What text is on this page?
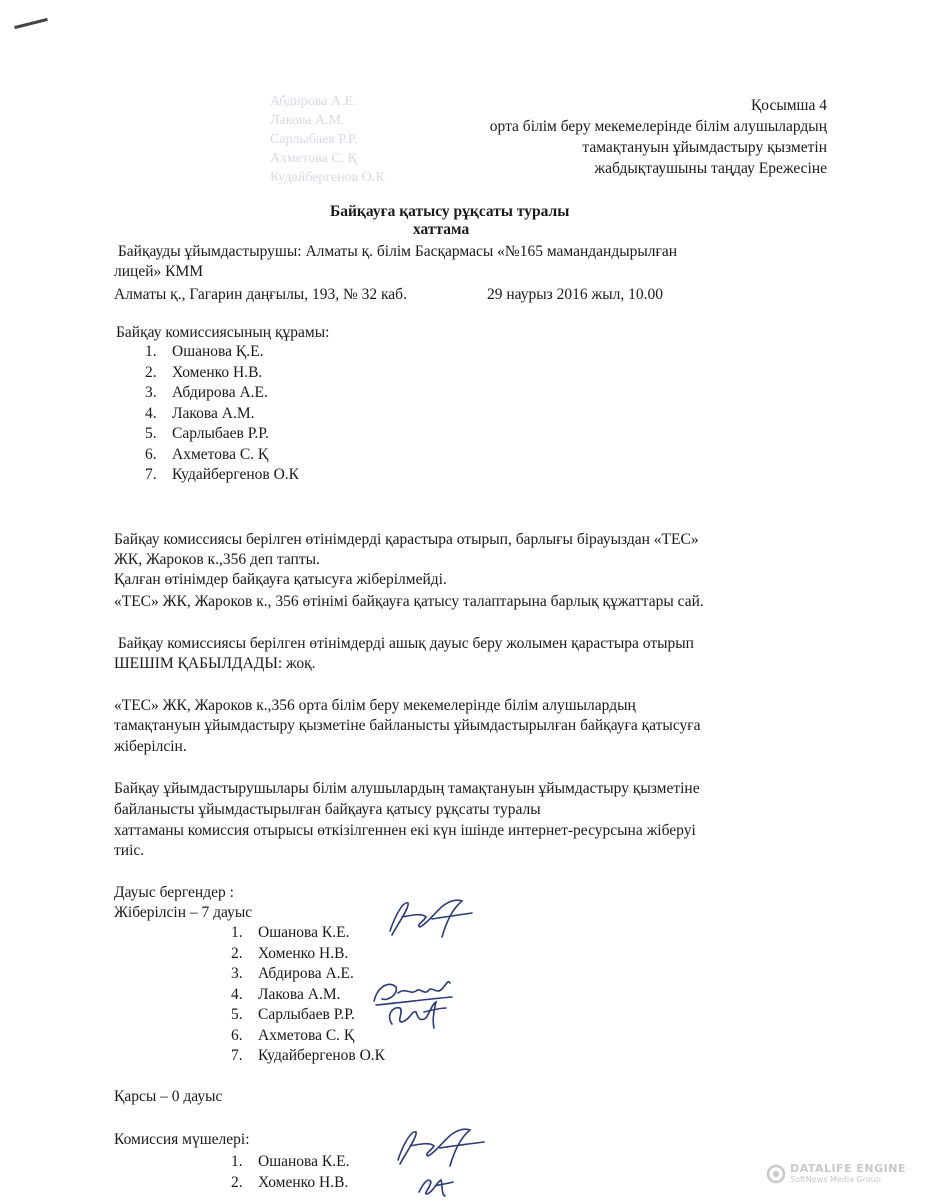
Абдирова А.Е.
Лакова А.М.
Сарлыбаев Р.Р.
Ахметова С. Қ
Кудайбергенов О.К
Қосымша 4
орта білім беру мекемелерінде білім алушылардың
тамақтануын ұйымдастыру қызметін
жабдықтаушыны таңдау Ережесіне
Байқауға қатысу рұқсаты туралы
хаттама
Байқауды ұйымдастырушы: Алматы қ. білім Басқармасы «№165 мамандандырылған
лицей» КММ
Алматы қ., Гагарин даңғылы, 193, № 32 каб.	29 наурыз 2016 жыл, 10.00
Байқау комиссиясының құрамы:
1. Ошанова Қ.Е.
2. Хоменко Н.В.
3. Абдирова А.Е.
4. Лакова А.М.
5. Сарлыбаев Р.Р.
6. Ахметова С. Қ
7. Кудайбергенов О.К
Байқау комиссиясы берілген өтінімдерді қарастыра отырып, барлығы бірауыздан «ТЕС»
ЖК, Жароков к.,356 деп тапты.
Қалған өтінімдер байқауға қатысуға жіберілмейді.
«ТЕС» ЖК, Жароков к., 356 өтінімі байқауға қатысу талаптарына барлық құжаттары сай.
Байқау комиссиясы берілген өтінімдерді ашық дауыс беру жолымен қарастыра отырып
ШЕШІМ ҚАБЫЛДАДЫ: жоқ.
«ТЕС» ЖК, Жароков к.,356 орта білім беру мекемелерінде білім алушылардың
тамақтануын ұйымдастыру қызметіне байланысты ұйымдастырылған байқауға қатысуға
жіберілсін.
Байқау ұйымдастырушылары білім алушылардың тамақтануын ұйымдастыру қызметіне
байланысты ұйымдастырылған байқауға қатысу рұқсаты туралы
хаттаманы комиссия отырысы өткізілгеннен екі күн ішінде интернет-ресурсына жіберуі
тиіс.
Дауыс бергендер :
Жіберілсін – 7 дауыс
1. Ошанова К.Е.
2. Хоменко Н.В.
3. Абдирова А.Е.
4. Лакова А.М.
5. Сарлыбаев Р.Р.
6. Ахметова С. Қ
7. Кудайбергенов О.К
Қарсы – 0 дауыс
Комиссия мүшелері:
1. Ошанова К.Е.
2. Хоменко Н.В.
DATALIFE ENGINE
SoftNews Media Group
